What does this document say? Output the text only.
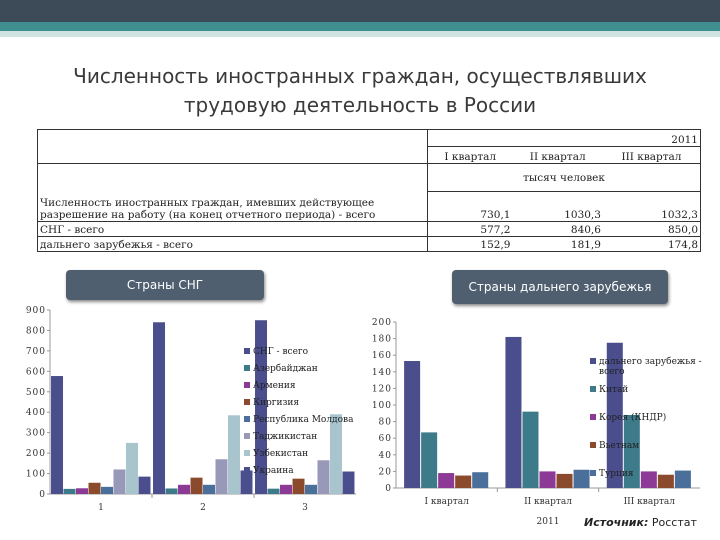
Численность иностранных граждан, осуществлявших трудовую деятельность в России
	2011		
	I квартал	II квартал	III квартал
	тысяч человек		
Численность иностранных граждан, имевших действующее разрешение на работу (на конец отчетного периода) - всего	730,1	1030,3	1032,3
СНГ - всего	577,2	840,6	850,0
дальнего зарубежья - всего	152,9	181,9	174,8
Страны СНГ	Страны дальнего зарубежья
0
100
200
300
400
500
600
700
800
900
1	2	3
СНГ - всего
Азербайджан
Армения
Киргизия
Республика Молдова
Таджикистан
Узбекистан
Украина
0
20
40
60
80
100
120
140
160
180
200
I квартал	II квартал	III квартал
2011
дальнего зарубежья -всего
Китай
Корея (КНДР)
Вьетнам
Турция
Источник: Росстат
